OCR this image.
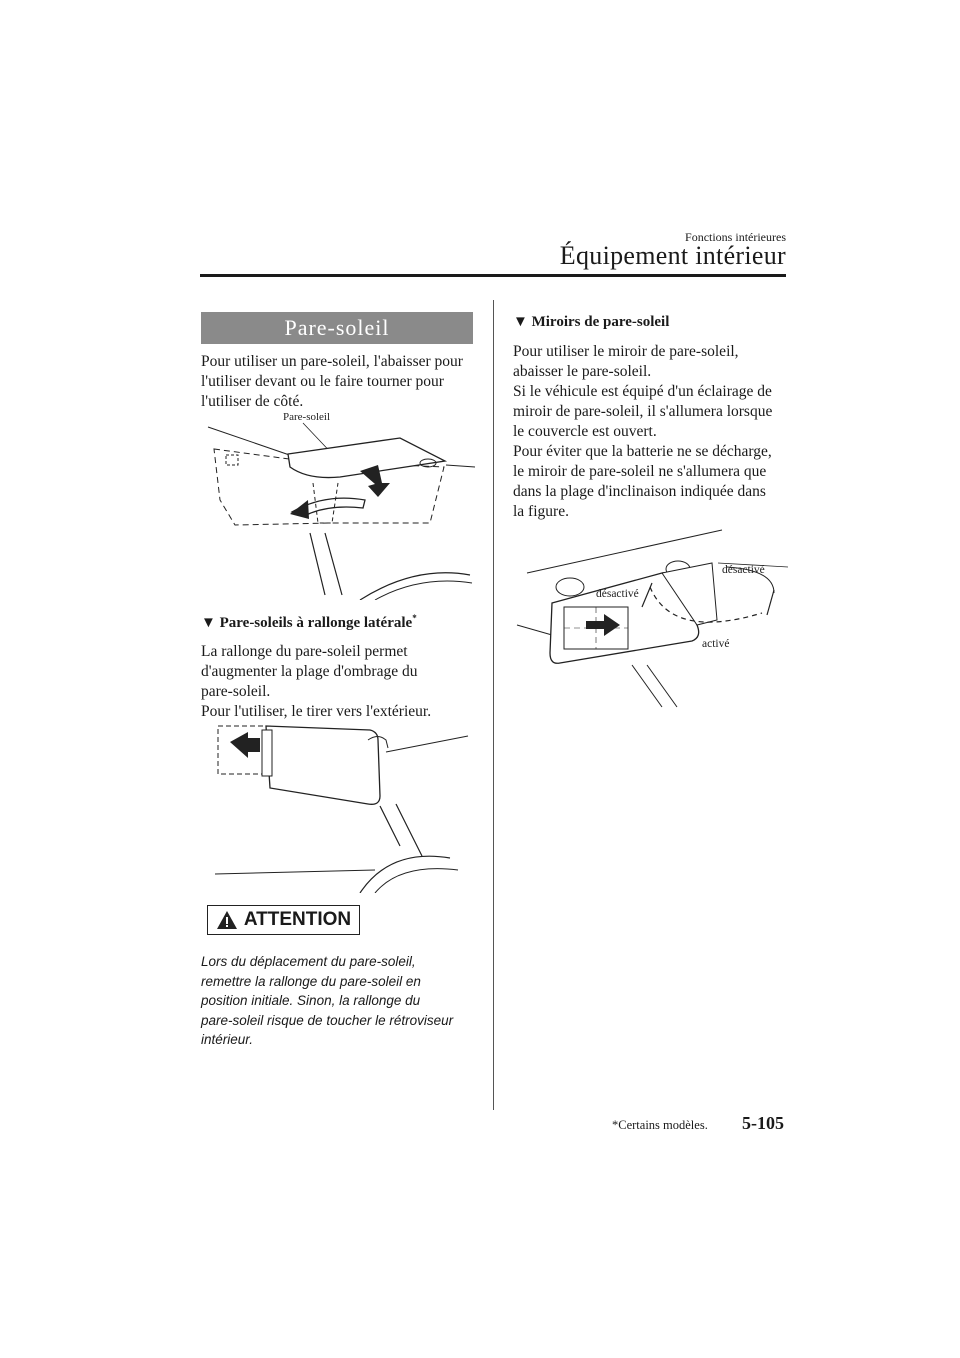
Fonctions intérieures
Équipement intérieur
Pare-soleil

Pour utiliser un pare-soleil, l'abaisser pour

l'utiliser devant ou le faire tourner pour

l'utiliser de côté.

Pare-soleil
▼ Pare-soleils à rallonge latérale*

La rallonge du pare-soleil permet

d'augmenter la plage d'ombrage du

pare-soleil.

Pour l'utiliser, le tirer vers l'extérieur.

ATTENTION
Lors du déplacement du pare-soleil,
remettre la rallonge du pare-soleil en
position initiale. Sinon, la rallonge du
pare-soleil risque de toucher le rétroviseur
intérieur.
▼ Miroirs de pare-soleil

Pour utiliser le miroir de pare-soleil,

abaisser le pare-soleil.

Si le véhicule est équipé d'un éclairage de

miroir de pare-soleil, il s'allumera lorsque

le couvercle est ouvert.

Pour éviter que la batterie ne se décharge,

le miroir de pare-soleil ne s'allumera que

dans la plage d'inclinaison indiquée dans

la figure.

désactivé
désactivé
activé
*Certains modèles. 5-105
